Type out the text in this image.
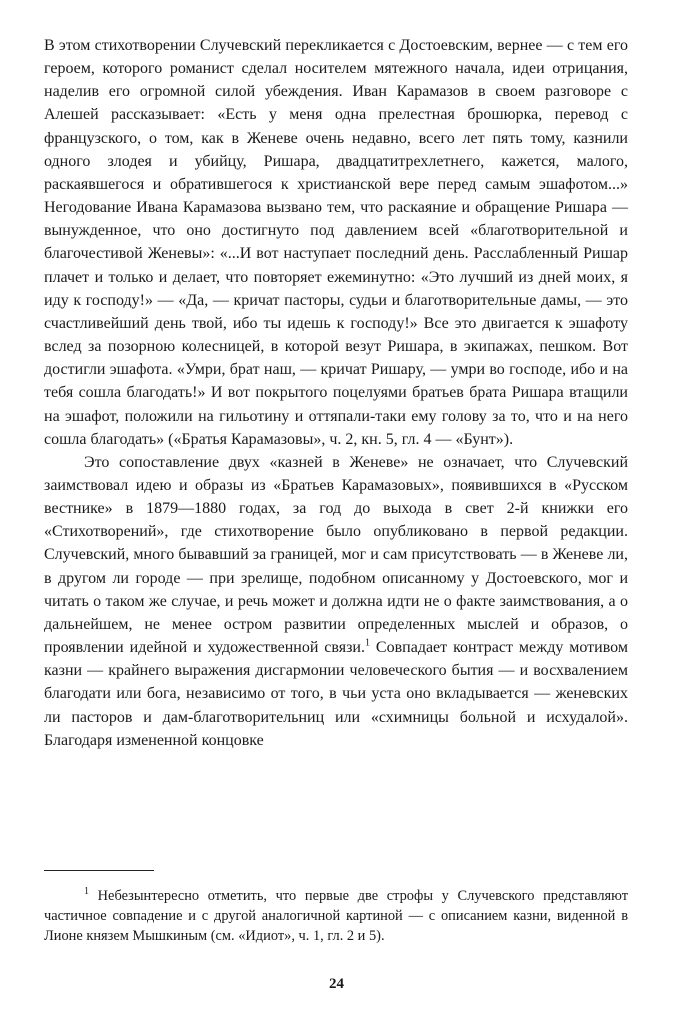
В этом стихотворении Случевский перекликается с Достоевским, вернее — с тем его героем, которого романист сделал носителем мятежного начала, идеи отрицания, наделив его огромной силой убеждения. Иван Карамазов в своем разговоре с Алешей рассказывает: «Есть у меня одна прелестная брошюрка, перевод с французского, о том, как в Женеве очень недавно, всего лет пять тому, казнили одного злодея и убийцу, Ришара, двадцатитрехлетнего, кажется, малого, раскаявшегося и обратившегося к христианской вере перед самым эшафотом...» Негодование Ивана Карамазова вызвано тем, что раскаяние и обращение Ришара — вынужденное, что оно достигнуто под давлением всей «благотворительной и благочестивой Женевы»: «...И вот наступает последний день. Расслабленный Ришар плачет и только и делает, что повторяет ежеминутно: «Это лучший из дней моих, я иду к господу!» — «Да, — кричат пасторы, судьи и благотворительные дамы, — это счастливейший день твой, ибо ты идешь к господу!» Все это двигается к эшафоту вслед за позорною колесницей, в которой везут Ришара, в экипажах, пешком. Вот достигли эшафота. «Умри, брат наш, — кричат Ришару, — умри во господе, ибо и на тебя сошла благодать!» И вот покрытого поцелуями братьев брата Ришара втащили на эшафот, положили на гильотину и оттяпали-таки ему голову за то, что и на него сошла благодать» («Братья Карамазовы», ч. 2, кн. 5, гл. 4 — «Бунт»).

Это сопоставление двух «казней в Женеве» не означает, что Случевский заимствовал идею и образы из «Братьев Карамазовых», появившихся в «Русском вестнике» в 1879—1880 годах, за год до выхода в свет 2-й книжки его «Стихотворений», где стихотворение было опубликовано в первой редакции. Случевский, много бывавший за границей, мог и сам присутствовать — в Женеве ли, в другом ли городе — при зрелище, подобном описанному у Достоевского, мог и читать о таком же случае, и речь может и должна идти не о факте заимствования, а о дальнейшем, не менее остром развитии определенных мыслей и образов, о проявлении идейной и художественной связи.$^1$ Совпадает контраст между мотивом казни — крайнего выражения дисгармонии человеческого бытия — и восхвалением благодати или бога, независимо от того, в чьи уста оно вкладывается — женевских ли пасторов и дам-благотворительниц или «схимницы больной и исхудалой». Благодаря измененной концовке

$^1$ Небезынтересно отметить, что первые две строфы у Случевского представляют частичное совпадение и с другой аналогичной картиной — с описанием казни, виденной в Лионе князем Мышкиным (см. «Идиот», ч. 1, гл. 2 и 5).

24
